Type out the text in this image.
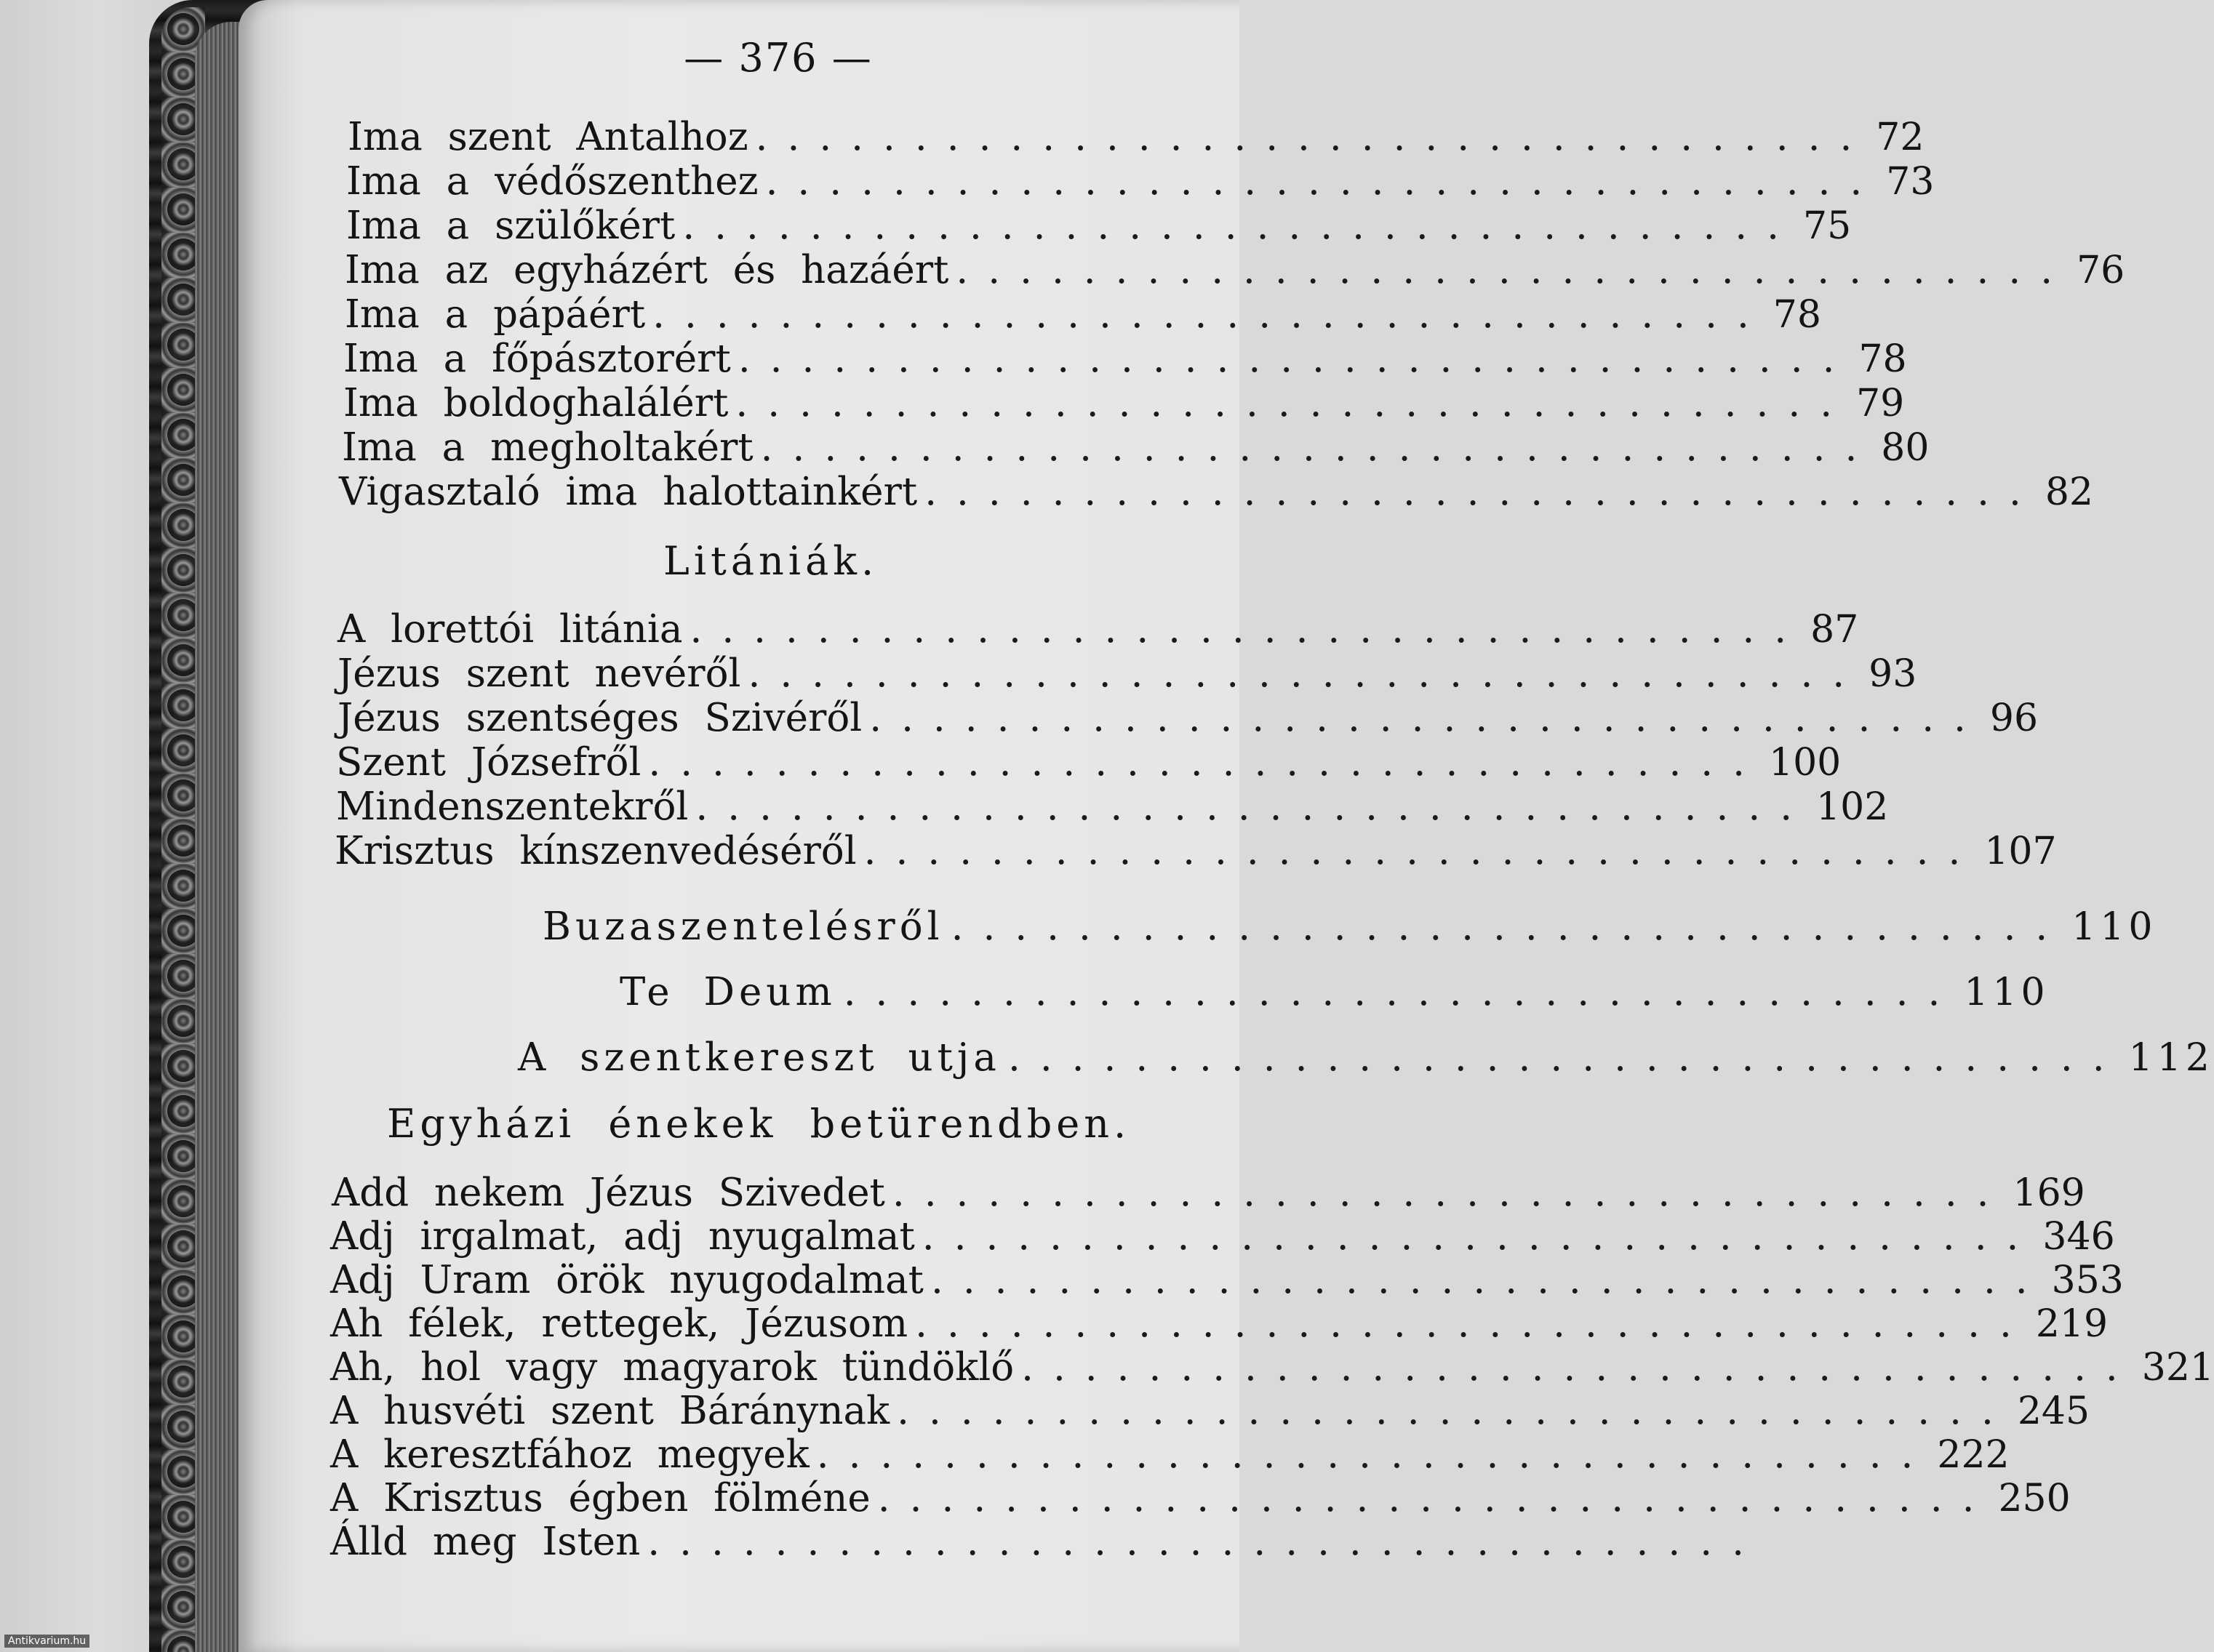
— 376 —
Ima szent Antalhoz ................................... 72
Ima a védőszenthez ................................... 73
Ima a szülőkért ................................... 75
Ima az egyházért és hazáért ................................... 76
Ima a pápáért ................................... 78
Ima a főpásztorért ................................... 78
Ima boldoghalálért ................................... 79
Ima a megholtakért ................................... 80
Vigasztaló ima halottainkért ................................... 82
Litániák.
A lorettói litánia ................................... 87
Jézus szent nevéről ................................... 93
Jézus szentséges Szivéről ................................... 96
Szent Józsefről ................................... 100
Mindenszentekről ................................... 102
Krisztus kínszenvedéséről ................................... 107
Buzaszentelésről ................................... 110
Te Deum ................................... 110
A szentkereszt utja ................................... 112
Egyházi énekek betürendben.
Add nekem Jézus Szivedet ................................... 169
Adj irgalmat, adj nyugalmat ................................... 346
Adj Uram örök nyugodalmat ................................... 353
Ah félek, rettegek, Jézusom ................................... 219
Ah, hol vagy magyarok tündöklő ................................... 321
A husvéti szent Báránynak ................................... 245
A keresztfához megyek ................................... 222
A Krisztus égben fölméne ................................... 250
Álld meg Isten ...................................
Antikvarium.hu
